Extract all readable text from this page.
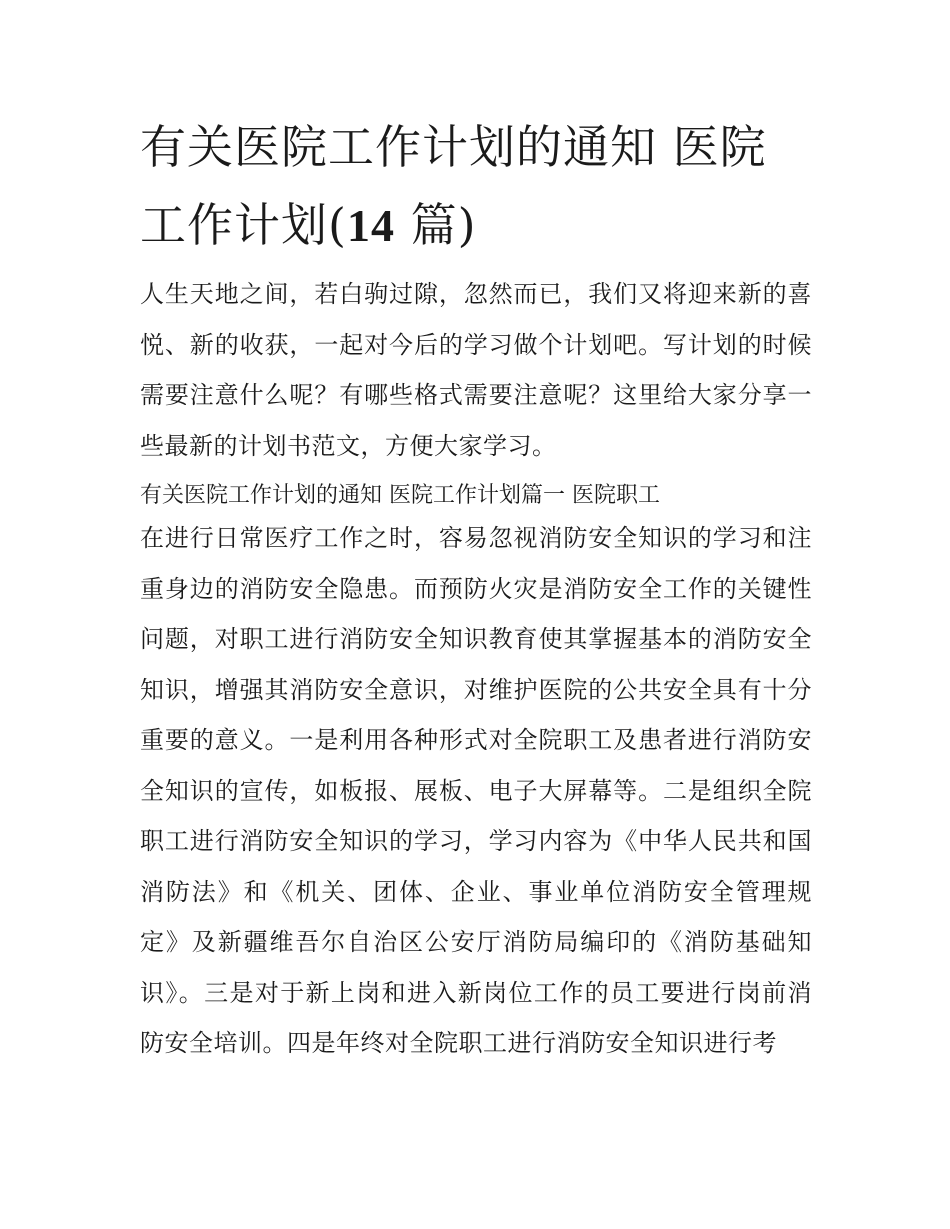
有关医院工作计划的通知 医院工作计划(14 篇)

人生天地之间，若白驹过隙，忽然而已，我们又将迎来新的喜悦、新的收获，一起对今后的学习做个计划吧。写计划的时候需要注意什么呢？有哪些格式需要注意呢？这里给大家分享一些最新的计划书范文，方便大家学习。

有关医院工作计划的通知 医院工作计划篇一 医院职工

在进行日常医疗工作之时，容易忽视消防安全知识的学习和注重身边的消防安全隐患。而预防火灾是消防安全工作的关键性问题，对职工进行消防安全知识教育使其掌握基本的消防安全知识，增强其消防安全意识，对维护医院的公共安全具有十分重要的意义。一是利用各种形式对全院职工及患者进行消防安全知识的宣传，如板报、展板、电子大屏幕等。二是组织全院职工进行消防安全知识的学习，学习内容为《中华人民共和国消防法》和《机关、团体、企业、事业单位消防安全管理规定》及新疆维吾尔自治区公安厅消防局编印的《消防基础知识》。三是对于新上岗和进入新岗位工作的员工要进行岗前消防安全培训。四是年终对全院职工进行消防安全知识进行考
